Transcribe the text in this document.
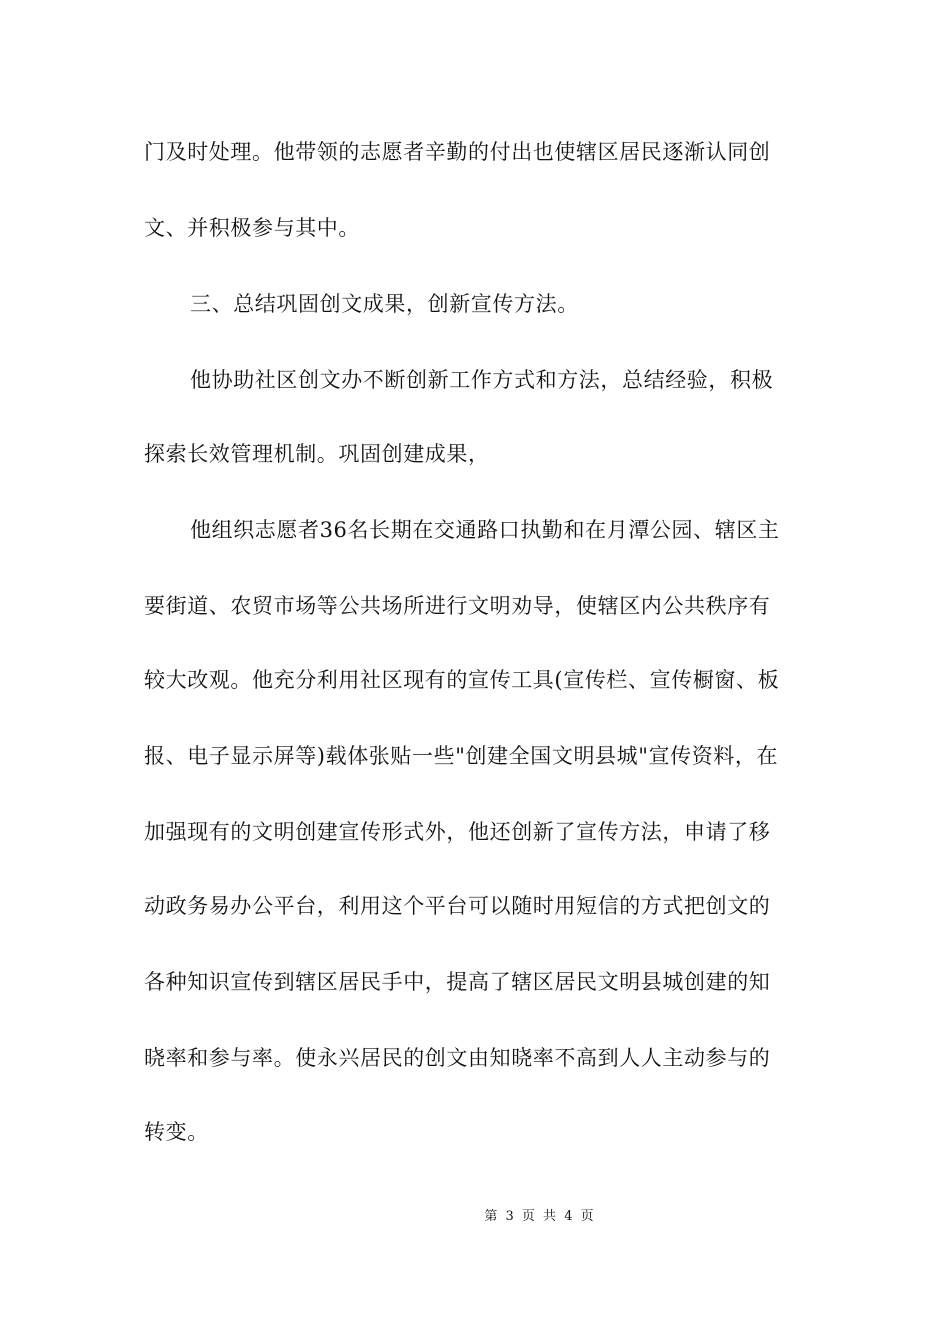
门及时处理。他带领的志愿者辛勤的付出也使辖区居民逐渐认同创
文、并积极参与其中。
三、总结巩固创文成果，创新宣传方法。
他协助社区创文办不断创新工作方式和方法，总结经验，积极
探索长效管理机制。巩固创建成果，
他组织志愿者36名长期在交通路口执勤和在月潭公园、辖区主
要街道、农贸市场等公共场所进行文明劝导，使辖区内公共秩序有
较大改观。他充分利用社区现有的宣传工具(宣传栏、宣传橱窗、板
报、电子显示屏等)载体张贴一些"创建全国文明县城"宣传资料，在
加强现有的文明创建宣传形式外，他还创新了宣传方法，申请了移
动政务易办公平台，利用这个平台可以随时用短信的方式把创文的
各种知识宣传到辖区居民手中，提高了辖区居民文明县城创建的知
晓率和参与率。使永兴居民的创文由知晓率不高到人人主动参与的
转变。
第 3 页 共 4 页
